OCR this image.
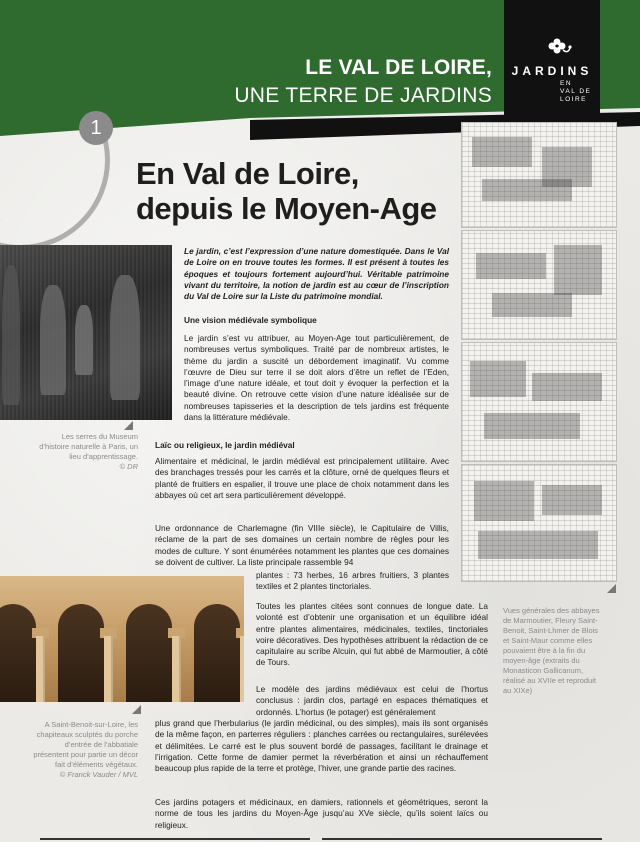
LE VAL DE LOIRE,
UNE TERRE DE JARDINS
JARDINS
EN
VAL DE
LOIRE
1
En Val de Loire,
depuis le Moyen-Age
Les serres du Museum d’histoire naturelle à Paris, un lieu d’apprentissage.
© DR
A Saint-Benoit-sur-Loire, les chapiteaux sculptés du porche d’entrée de l’abbatiale présentent pour partie un décor fait d’éléments végétaux.
© Franck Vauder / MVL
Vues générales des abbayes de Marmoutier, Fleury Saint-Benoit, Saint-Lhmer de Blois et Saint-Maur comme elles pouvaient être à la fin du moyen-âge (extraits du Monasticon Gallicanum, réalisé au XVIIe et reproduit au XIXe)

Le jardin, c’est l’expression d’une nature domestiquée. Dans le Val de Loire on en trouve toutes les formes. Il est présent à toutes les époques et toujours fortement aujourd’hui. Véritable patrimoine vivant du territoire, la notion de jardin est au cœur de l’inscription du Val de Loire sur la Liste du patrimoine mondial.

Une vision médiévale symbolique

Le jardin s’est vu attribuer, au Moyen-Age tout particulièrement, de nombreuses vertus symboliques. Traité par de nombreux artistes, le thème du jardin a suscité un débordement imaginatif. Vu comme l’œuvre de Dieu sur terre il se doit alors d’être un reflet de l’Eden, l’image d’une nature idéale, et tout doit y évoquer la perfection et la beauté divine. On retrouve cette vision d’une nature idéalisée sur de nombreuses tapisseries et la description de tels jardins est fréquente dans la littérature médiévale.

Laïc ou religieux, le jardin médiéval

Alimentaire et médicinal, le jardin médiéval est principalement utilitaire. Avec des branchages tressés pour les carrés et la clôture, orné de quelques fleurs et planté de fruitiers en espalier, il trouve une place de choix notamment dans les abbayes où cet art sera particulièrement développé.

Une ordonnance de Charlemagne (fin VIIIe siècle), le Capitulaire de Villis, réclame de la part de ses domaines un certain nombre de règles pour les modes de culture. Y sont énumérées notamment les plantes que ces domaines se doivent de cultiver. La liste principale rassemble 94

plantes : 73 herbes, 16 arbres fruitiers, 3 plantes textiles et 2 plantes tinctoriales.

Toutes les plantes citées sont connues de longue date. La volonté est d’obtenir une organisation et un équilibre idéal entre plantes alimentaires, médicinales, textiles, tinctoriales voire décoratives. Des hypothèses attribuent la rédaction de ce capitulaire au scribe Alcuin, qui fut abbé de Marmoutier, à côté de Tours.

Le modèle des jardins médiévaux est celui de l’hortus conclusus : jardin clos, partagé en espaces thématiques et ordonnés. L’hortus (le potager) est généralement

plus grand que l’herbularius (le jardin médicinal, ou des simples), mais ils sont organisés de la même façon, en parterres réguliers : planches carrées ou rectangulaires, surélevées et délimitées. Le carré est le plus souvent bordé de passages, facilitant le drainage et l’irrigation. Cette forme de damier permet la réverbération et ainsi un réchauffement beaucoup plus rapide de la terre et protège, l’hiver, une grande partie des racines.

Ces jardins potagers et médicinaux, en damiers, rationnels et géométriques, seront la norme de tous les jardins du Moyen-Âge jusqu’au XVe siècle, qu’ils soient laïcs ou religieux.
